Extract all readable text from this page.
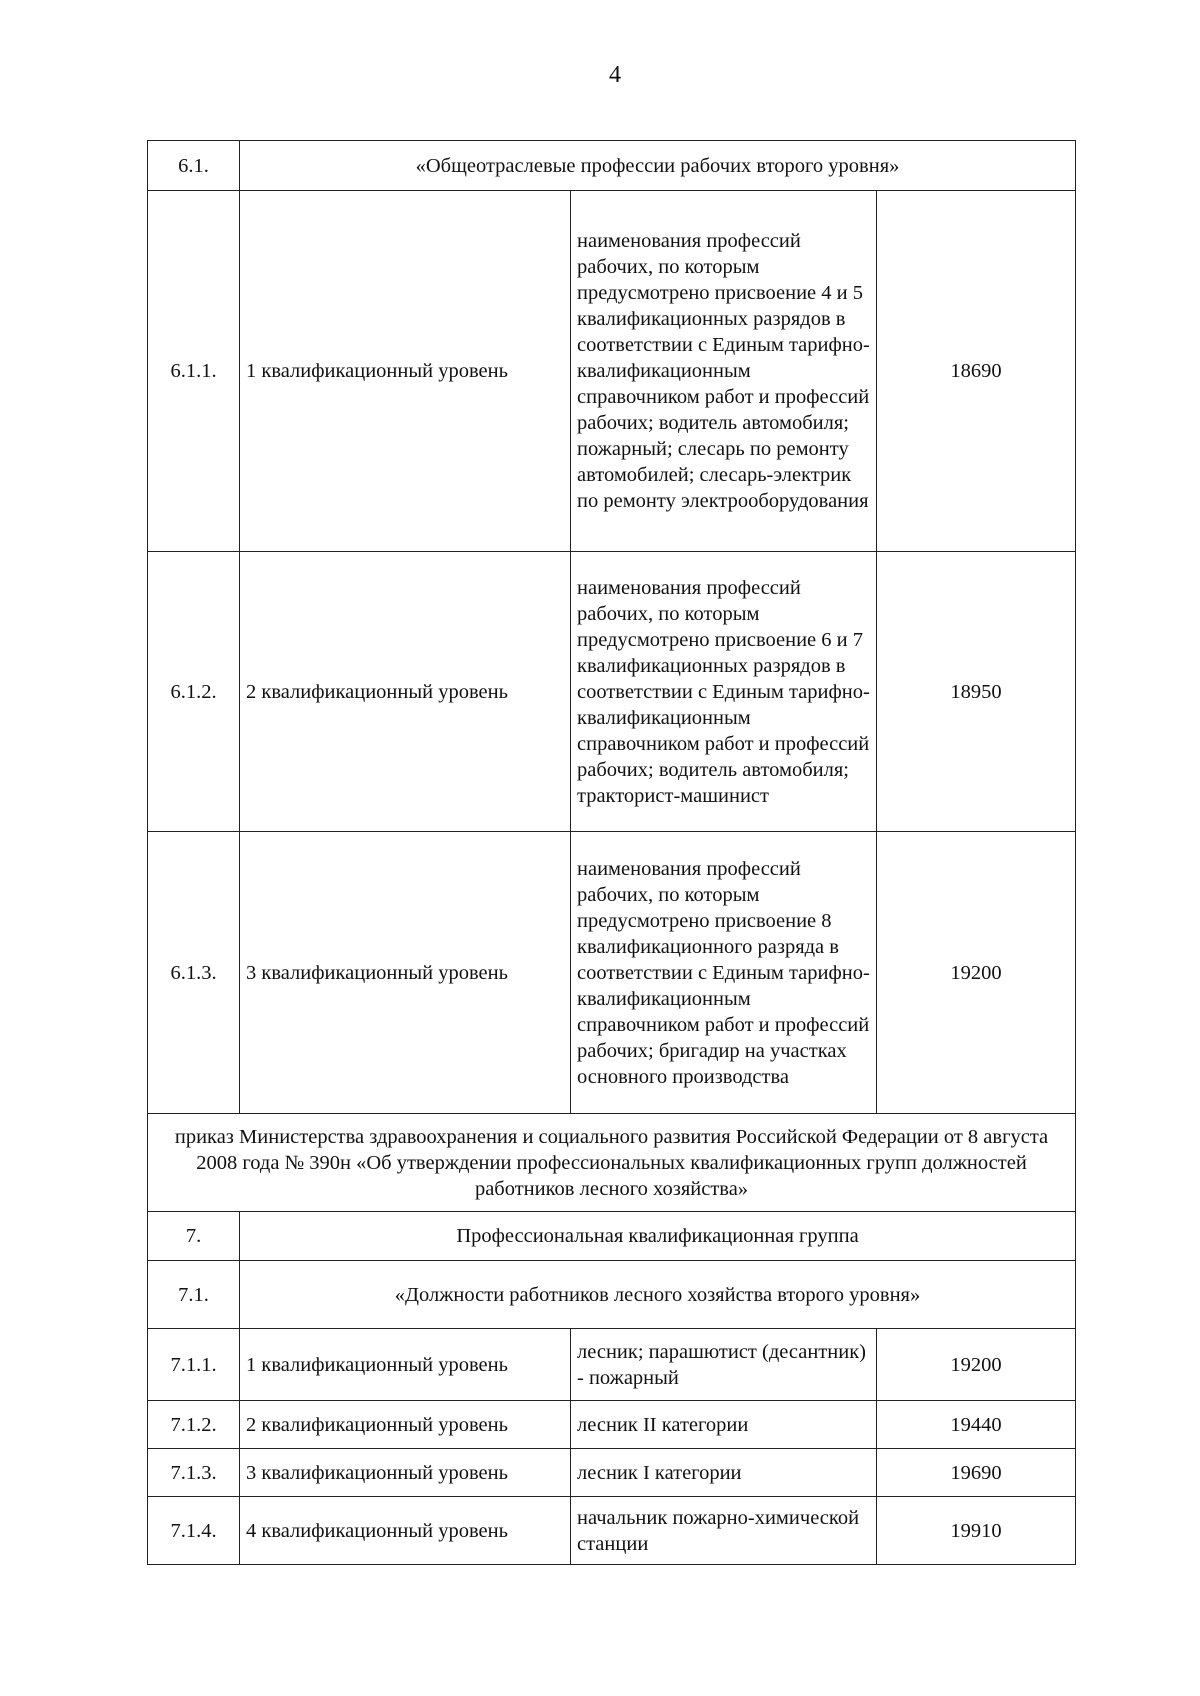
4
6.1.	«Общеотраслевые профессии рабочих второго уровня»		
6.1.1.	1 квалификационный уровень	наименования профессий рабочих, по которым предусмотрено присвоение 4 и 5 квалификационных разрядов в соответствии с Единым тарифно-квалификационным справочником работ и профессий рабочих; водитель автомобиля; пожарный; слесарь по ремонту автомобилей; слесарь-электрик по ремонту электрооборудования	18690
6.1.2.	2 квалификационный уровень	наименования профессий рабочих, по которым предусмотрено присвоение 6 и 7 квалификационных разрядов в соответствии с Единым тарифно-квалификационным справочником работ и профессий рабочих; водитель автомобиля; тракторист-машинист	18950
6.1.3.	3 квалификационный уровень	наименования профессий рабочих, по которым предусмотрено присвоение 8 квалификационного разряда в соответствии с Единым тарифно-квалификационным справочником работ и профессий рабочих; бригадир на участках основного производства	19200
приказ Министерства здравоохранения и социального развития Российской Федерации от 8 августа 2008 года № 390н «Об утверждении профессиональных квалификационных групп должностей работников лесного хозяйства»			
7.	Профессиональная квалификационная группа		
7.1.	«Должности работников лесного хозяйства второго уровня»		
7.1.1.	1 квалификационный уровень	лесник; парашютист (десантник) - пожарный	19200
7.1.2.	2 квалификационный уровень	лесник II категории	19440
7.1.3.	3 квалификационный уровень	лесник I категории	19690
7.1.4.	4 квалификационный уровень	начальник пожарно-химической станции	19910
